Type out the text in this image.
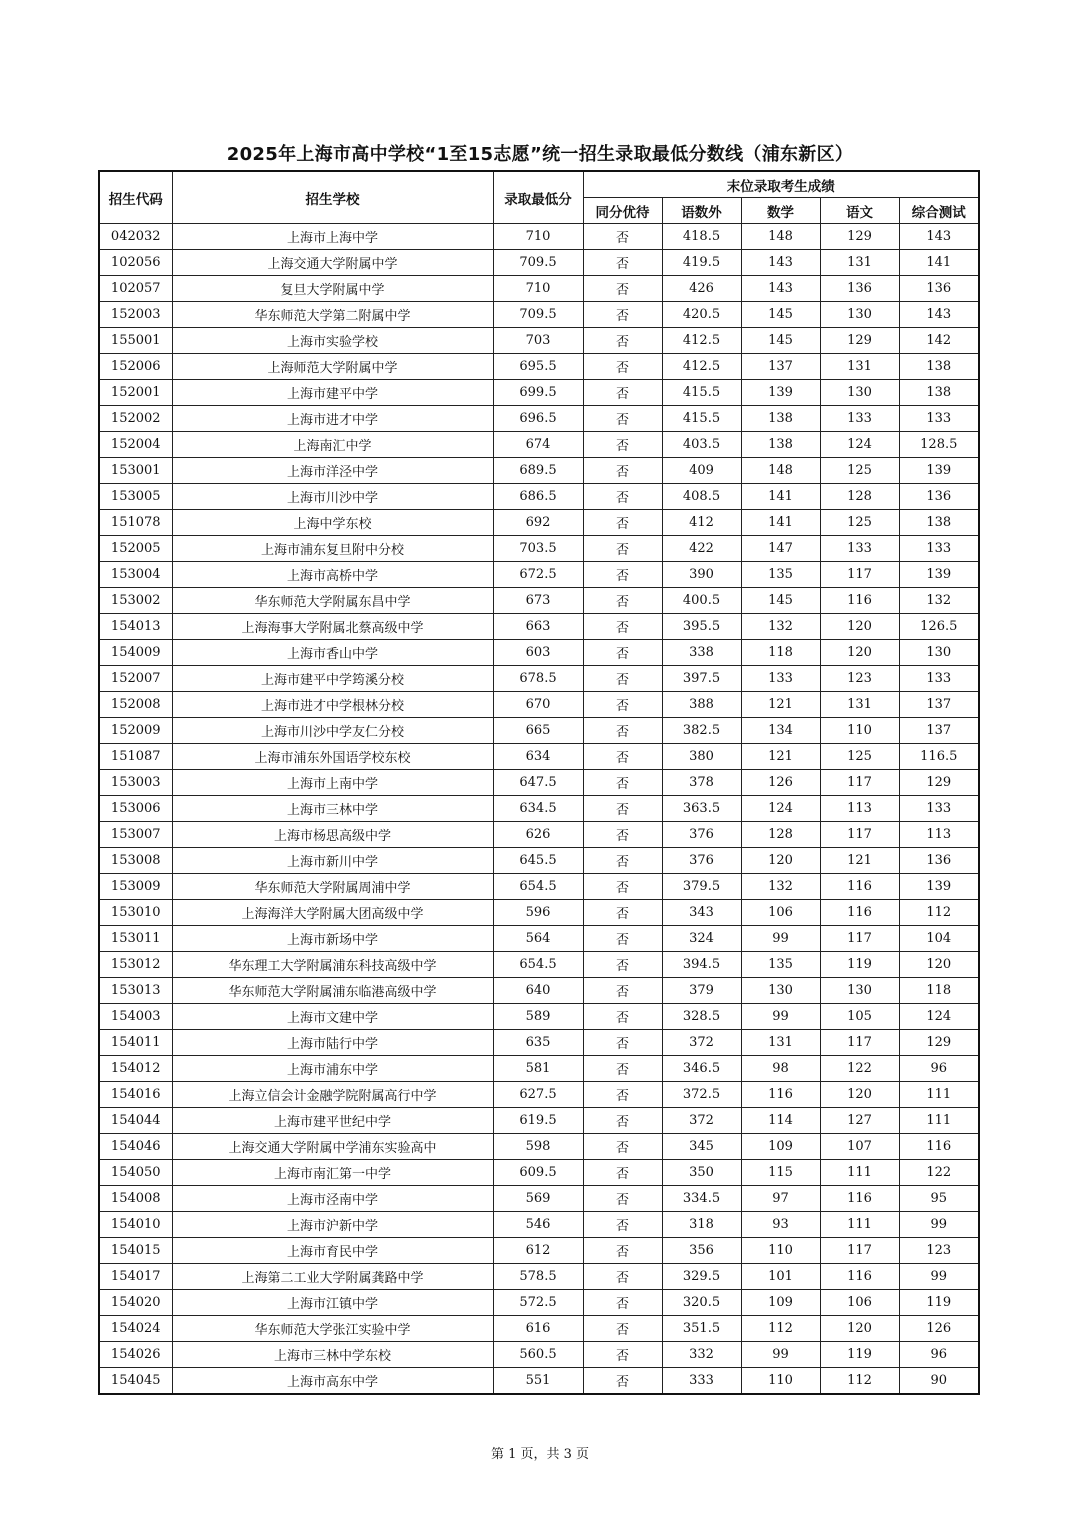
2025年上海市高中学校“1至15志愿”统一招生录取最低分数线（浦东新区）
招生代码	招生学校	录取最低分	末位录取考生成绩				
			同分优待	语数外	数学	语文	综合测试
042032	上海市上海中学	710	否	418.5	148	129	143
102056	上海交通大学附属中学	709.5	否	419.5	143	131	141
102057	复旦大学附属中学	710	否	426	143	136	136
152003	华东师范大学第二附属中学	709.5	否	420.5	145	130	143
155001	上海市实验学校	703	否	412.5	145	129	142
152006	上海师范大学附属中学	695.5	否	412.5	137	131	138
152001	上海市建平中学	699.5	否	415.5	139	130	138
152002	上海市进才中学	696.5	否	415.5	138	133	133
152004	上海南汇中学	674	否	403.5	138	124	128.5
153001	上海市洋泾中学	689.5	否	409	148	125	139
153005	上海市川沙中学	686.5	否	408.5	141	128	136
151078	上海中学东校	692	否	412	141	125	138
152005	上海市浦东复旦附中分校	703.5	否	422	147	133	133
153004	上海市高桥中学	672.5	否	390	135	117	139
153002	华东师范大学附属东昌中学	673	否	400.5	145	116	132
154013	上海海事大学附属北蔡高级中学	663	否	395.5	132	120	126.5
154009	上海市香山中学	603	否	338	118	120	130
152007	上海市建平中学筠溪分校	678.5	否	397.5	133	123	133
152008	上海市进才中学根林分校	670	否	388	121	131	137
152009	上海市川沙中学友仁分校	665	否	382.5	134	110	137
151087	上海市浦东外国语学校东校	634	否	380	121	125	116.5
153003	上海市上南中学	647.5	否	378	126	117	129
153006	上海市三林中学	634.5	否	363.5	124	113	133
153007	上海市杨思高级中学	626	否	376	128	117	113
153008	上海市新川中学	645.5	否	376	120	121	136
153009	华东师范大学附属周浦中学	654.5	否	379.5	132	116	139
153010	上海海洋大学附属大团高级中学	596	否	343	106	116	112
153011	上海市新场中学	564	否	324	99	117	104
153012	华东理工大学附属浦东科技高级中学	654.5	否	394.5	135	119	120
153013	华东师范大学附属浦东临港高级中学	640	否	379	130	130	118
154003	上海市文建中学	589	否	328.5	99	105	124
154011	上海市陆行中学	635	否	372	131	117	129
154012	上海市浦东中学	581	否	346.5	98	122	96
154016	上海立信会计金融学院附属高行中学	627.5	否	372.5	116	120	111
154044	上海市建平世纪中学	619.5	否	372	114	127	111
154046	上海交通大学附属中学浦东实验高中	598	否	345	109	107	116
154050	上海市南汇第一中学	609.5	否	350	115	111	122
154008	上海市泾南中学	569	否	334.5	97	116	95
154010	上海市沪新中学	546	否	318	93	111	99
154015	上海市育民中学	612	否	356	110	117	123
154017	上海第二工业大学附属龚路中学	578.5	否	329.5	101	116	99
154020	上海市江镇中学	572.5	否	320.5	109	106	119
154024	华东师范大学张江实验中学	616	否	351.5	112	120	126
154026	上海市三林中学东校	560.5	否	332	99	119	96
154045	上海市高东中学	551	否	333	110	112	90
第 1 页，共 3 页
